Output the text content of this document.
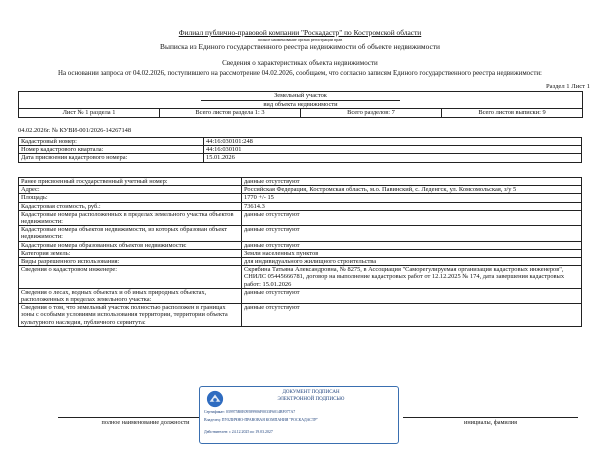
Филиал публично-правовой компании "Роскадастр" по Костромской области
полное наименование органа регистрации прав
Выписка из Единого государственного реестра недвижимости об объекте недвижимости
Сведения о характеристиках объекта недвижимости
На основании запроса от 04.02.2026, поступившего на рассмотрение 04.02.2026, сообщаем, что согласно записям Единого государственного реестра недвижимости:
Раздел 1 Лист 1
Земельный участок
вид объекта недвижимости

Лист № 1 раздела 1	Всего листов раздела 1: 3	Всего разделов: 7	Всего листов выписки: 9
04.02.2026г. № КУВИ-001/2026-14267148
Кадастровый номер:	44:16:030101:248
Номер кадастрового квартала:	44:16:030101
Дата присвоения кадастрового номера:	15.01.2026
Ранее присвоенный государственный учетный номер:	данные отсутствуют
Адрес:	Российская Федерация, Костромская область, м.о. Павинский, с. Леденгск, ул. Комсомольская, з/у 5
Площадь:	1770 +/- 15
Кадастровая стоимость, руб.:	73614.3
Кадастровые номера расположенных в пределах земельного участка объектов недвижимости:	данные отсутствуют
Кадастровые номера объектов недвижимости, из которых образован объект недвижимости:	данные отсутствуют
Кадастровые номера образованных объектов недвижимости:	данные отсутствуют
Категория земель:	Земли населенных пунктов
Виды разрешенного использования:	для индивидуального жилищного строительства
Сведения о кадастровом инженере:	Скрябина Татьяна Александровна, № 8275, в Ассоциация "Саморегулируемая организация кадастровых инженеров", СНИЛС 05445666781, договор на выполнение кадастровых работ от 12.12.2025 № 174, дата завершения кадастровых работ: 15.01.2026
Сведения о лесах, водных объектах и об иных природных объектах, расположенных в пределах земельного участка:	данные отсутствуют
Сведения о том, что земельный участок полностью расположен в границах зоны с особыми условиями использования территории, территории объекта культурного наследия, публичного сервитута:	данные отсутствуют
полное наименование должности	инициалы, фамилия
ДОКУМЕНТ ПОДПИСАН
ЭЛЕКТРОННОЙ ПОДПИСЬЮ
Сертификат: 039975B0E09589906F0033F6014BF077A7
Владелец: ПУБЛИЧНО-ПРАВОВАЯ КОМПАНИЯ "РОСКАДАСТР"
Действителен: с 24.12.2025 по 19.03.2027
